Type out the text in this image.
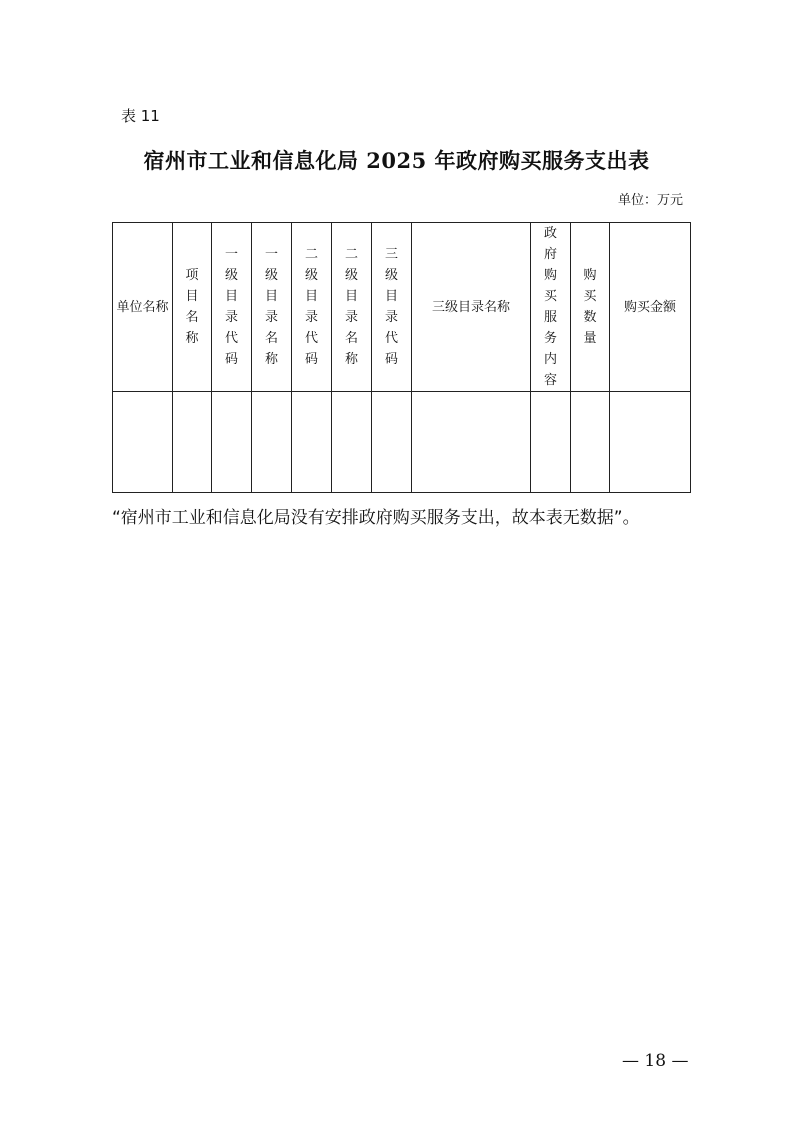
表 11
宿州市工业和信息化局 2025 年政府购买服务支出表
单位：万元
单位名称	项目名称	一级目录代码	一级目录名称	二级目录代码	二级目录名称	三级目录代码	三级目录名称	政府购买服务内容	购买数量	购买金额

“宿州市工业和信息化局没有安排政府购买服务支出，故本表无数据”。
— 18 —
